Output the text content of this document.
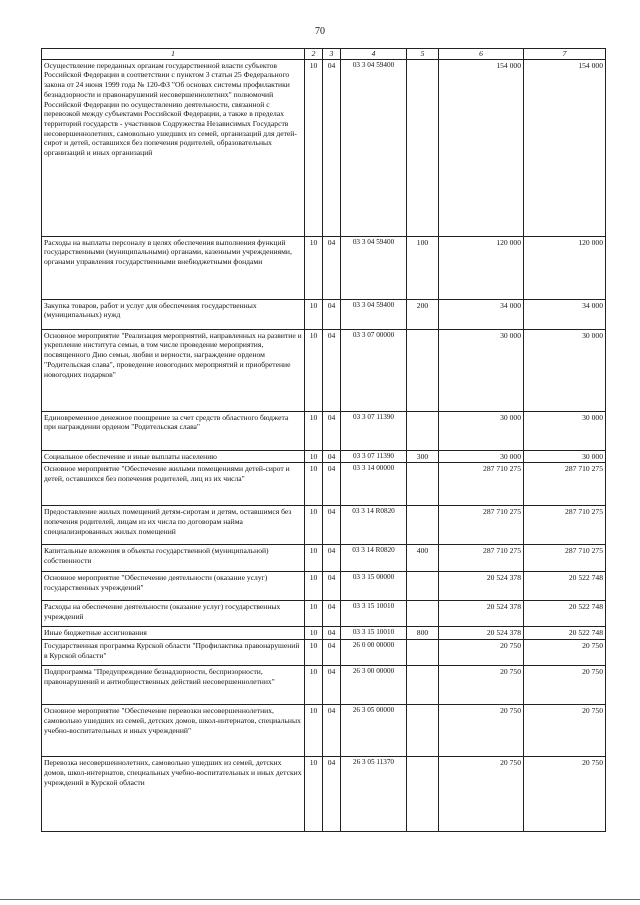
70
1	2	3	4	5	6	7
Осуществление переданных органам государственной власти субъектов Российской Федерации в соответствии с пунктом 3 статьи 25 Федерального закона от 24 июня 1999 года № 120-ФЗ "Об основах системы профилактики безнадзорности и правонарушений несовершеннолетних" полномочий Российской Федерации по осуществлению деятельности, связанной с перевозкой между субъектами Российской Федерации, а также в пределах территорий государств - участников Содружества Независимых Государств несовершеннолетних, самовольно ушедших из семей, организаций для детей-сирот и детей, оставшихся без попечения родителей, образовательных организаций и иных организаций	10	04	03 3 04 59400		154 000	154 000
Расходы на выплаты персоналу в целях обеспечения выполнения функций государственными (муниципальными) органами, казенными учреждениями, органами управления государственными внебюджетными фондами	10	04	03 3 04 59400	100	120 000	120 000
Закупка товаров, работ и услуг для обеспечения государственных (муниципальных) нужд	10	04	03 3 04 59400	200	34 000	34 000
Основное мероприятие "Реализация мероприятий, направленных на развитие и укрепление института семьи, в том числе проведение мероприятия, посвященного Дню семьи, любви и верности, награждение орденом "Родительская слава", проведение новогодних мероприятий и приобретение новогодних подарков"	10	04	03 3 07 00000		30 000	30 000
Единовременное денежное поощрение за счет средств областного бюджета при награждении орденом "Родительская слава"	10	04	03 3 07 11390		30 000	30 000
Социальное обеспечение и иные выплаты населению	10	04	03 3 07 11390	300	30 000	30 000
Основное мероприятие "Обеспечение жилыми помещениями детей-сирот и детей, оставшихся без попечения родителей, лиц из их числа"	10	04	03 3 14 00000		287 710 275	287 710 275
Предоставление жилых помещений детям-сиротам и детям, оставшимся без попечения родителей, лицам из их числа по договорам найма специализированных жилых помещений	10	04	03 3 14 R0820		287 710 275	287 710 275
Капитальные вложения в объекты государственной (муниципальной) собственности	10	04	03 3 14 R0820	400	287 710 275	287 710 275
Основное мероприятие "Обеспечение деятельности (оказание услуг) государственных учреждений"	10	04	03 3 15 00000		20 524 378	20 522 748
Расходы на обеспечение деятельности (оказание услуг) государственных учреждений	10	04	03 3 15 10010		20 524 378	20 522 748
Иные бюджетные ассигнования	10	04	03 3 15 10010	800	20 524 378	20 522 748
Государственная программа Курской области "Профилактика правонарушений в Курской области"	10	04	26 0 00 00000		20 750	20 750
Подпрограмма "Предупреждение безнадзорности, беспризорности, правонарушений и антиобщественных действий несовершеннолетних"	10	04	26 3 00 00000		20 750	20 750
Основное мероприятие "Обеспечение перевозки несовершеннолетних, самовольно ушедших из семей, детских домов, школ-интернатов, специальных учебно-воспитательных и иных учреждений"	10	04	26 3 05 00000		20 750	20 750
Перевозка несовершеннолетних, самовольно ушедших из семей, детских домов, школ-интернатов, специальных учебно-воспитательных и иных детских учреждений в Курской области	10	04	26 3 05 11370		20 750	20 750
